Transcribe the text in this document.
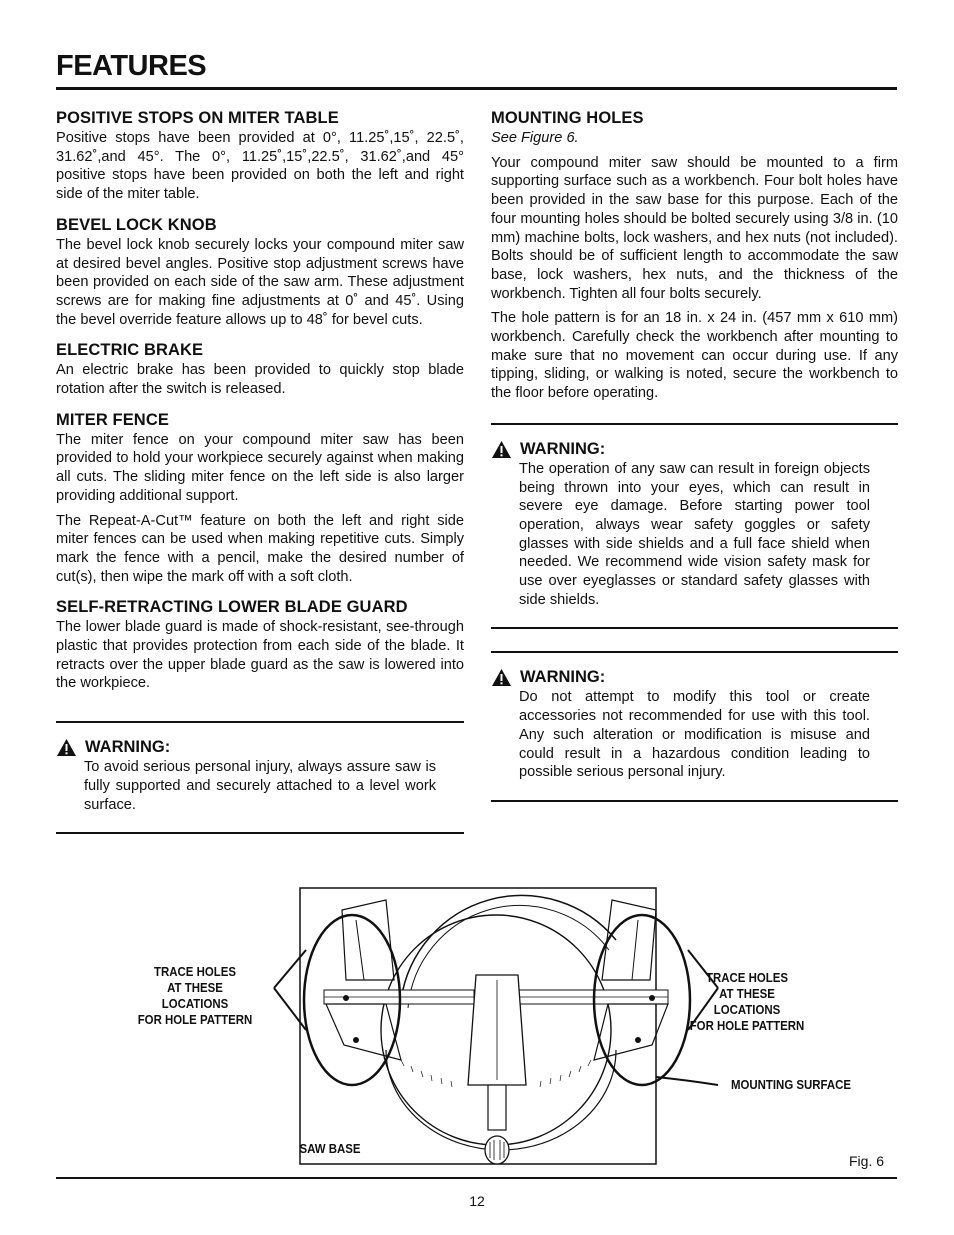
FEATURES
POSITIVE STOPS ON MITER TABLE

Positive stops have been provided at 0°, 11.25˚,15˚, 22.5˚, 31.62˚,and 45°. The 0°, 11.25˚,15˚,22.5˚, 31.62˚,and 45° positive stops have been provided on both the left and right side of the miter table.

BEVEL LOCK KNOB

The bevel lock knob securely locks your compound miter saw at desired bevel angles. Positive stop adjustment screws have been provided on each side of the saw arm. These adjustment screws are for making fine adjustments at 0˚ and 45˚. Using the bevel override feature allows up to 48˚ for bevel cuts.

ELECTRIC BRAKE

An electric brake has been provided to quickly stop blade rotation after the switch is released.

MITER FENCE

The miter fence on your compound miter saw has been provided to hold your workpiece securely against when making all cuts. The sliding miter fence on the left side is also larger providing additional support.

The Repeat-A-Cut™ feature on both the left and right side miter fences can be used when making repetitive cuts. Simply mark the fence with a pencil, make the desired number of cut(s), then wipe the mark off with a soft cloth.

SELF-RETRACTING LOWER BLADE GUARD

The lower blade guard is made of shock-resistant, see-through plastic that provides protection from each side of the blade. It retracts over the upper blade guard as the saw is lowered into the workpiece.

WARNING:

To avoid serious personal injury, always assure saw is fully supported and securely attached to a level work surface.

MOUNTING HOLES

See Figure 6.

Your compound miter saw should be mounted to a firm supporting surface such as a workbench. Four bolt holes have been provided in the saw base for this purpose. Each of the four mounting holes should be bolted securely using 3/8 in. (10 mm) machine bolts, lock washers, and hex nuts (not included). Bolts should be of sufficient length to accommodate the saw base, lock washers, hex nuts, and the thickness of the workbench. Tighten all four bolts securely.

The hole pattern is for an 18 in. x 24 in. (457 mm x 610 mm) workbench. Carefully check the workbench after mounting to make sure that no movement can occur during use. If any tipping, sliding, or walking is noted, secure the workbench to the floor before operating.

WARNING:

The operation of any saw can result in foreign objects being thrown into your eyes, which can result in severe eye damage. Before starting power tool operation, always wear safety goggles or safety glasses with side shields and a full face shield when needed. We recommend wide vision safety mask for use over eyeglasses or standard safety glasses with side shields.

WARNING:

Do not attempt to modify this tool or create accessories not recommended for use with this tool. Any such alteration or modification is misuse and could result in a hazardous condition leading to possible serious personal injury.

TRACE HOLES
AT THESE LOCATIONS
FOR HOLE PATTERN
TRACE HOLES
AT THESE LOCATIONS
FOR HOLE PATTERN
MOUNTING SURFACE
SAW BASE
Fig. 6
12
